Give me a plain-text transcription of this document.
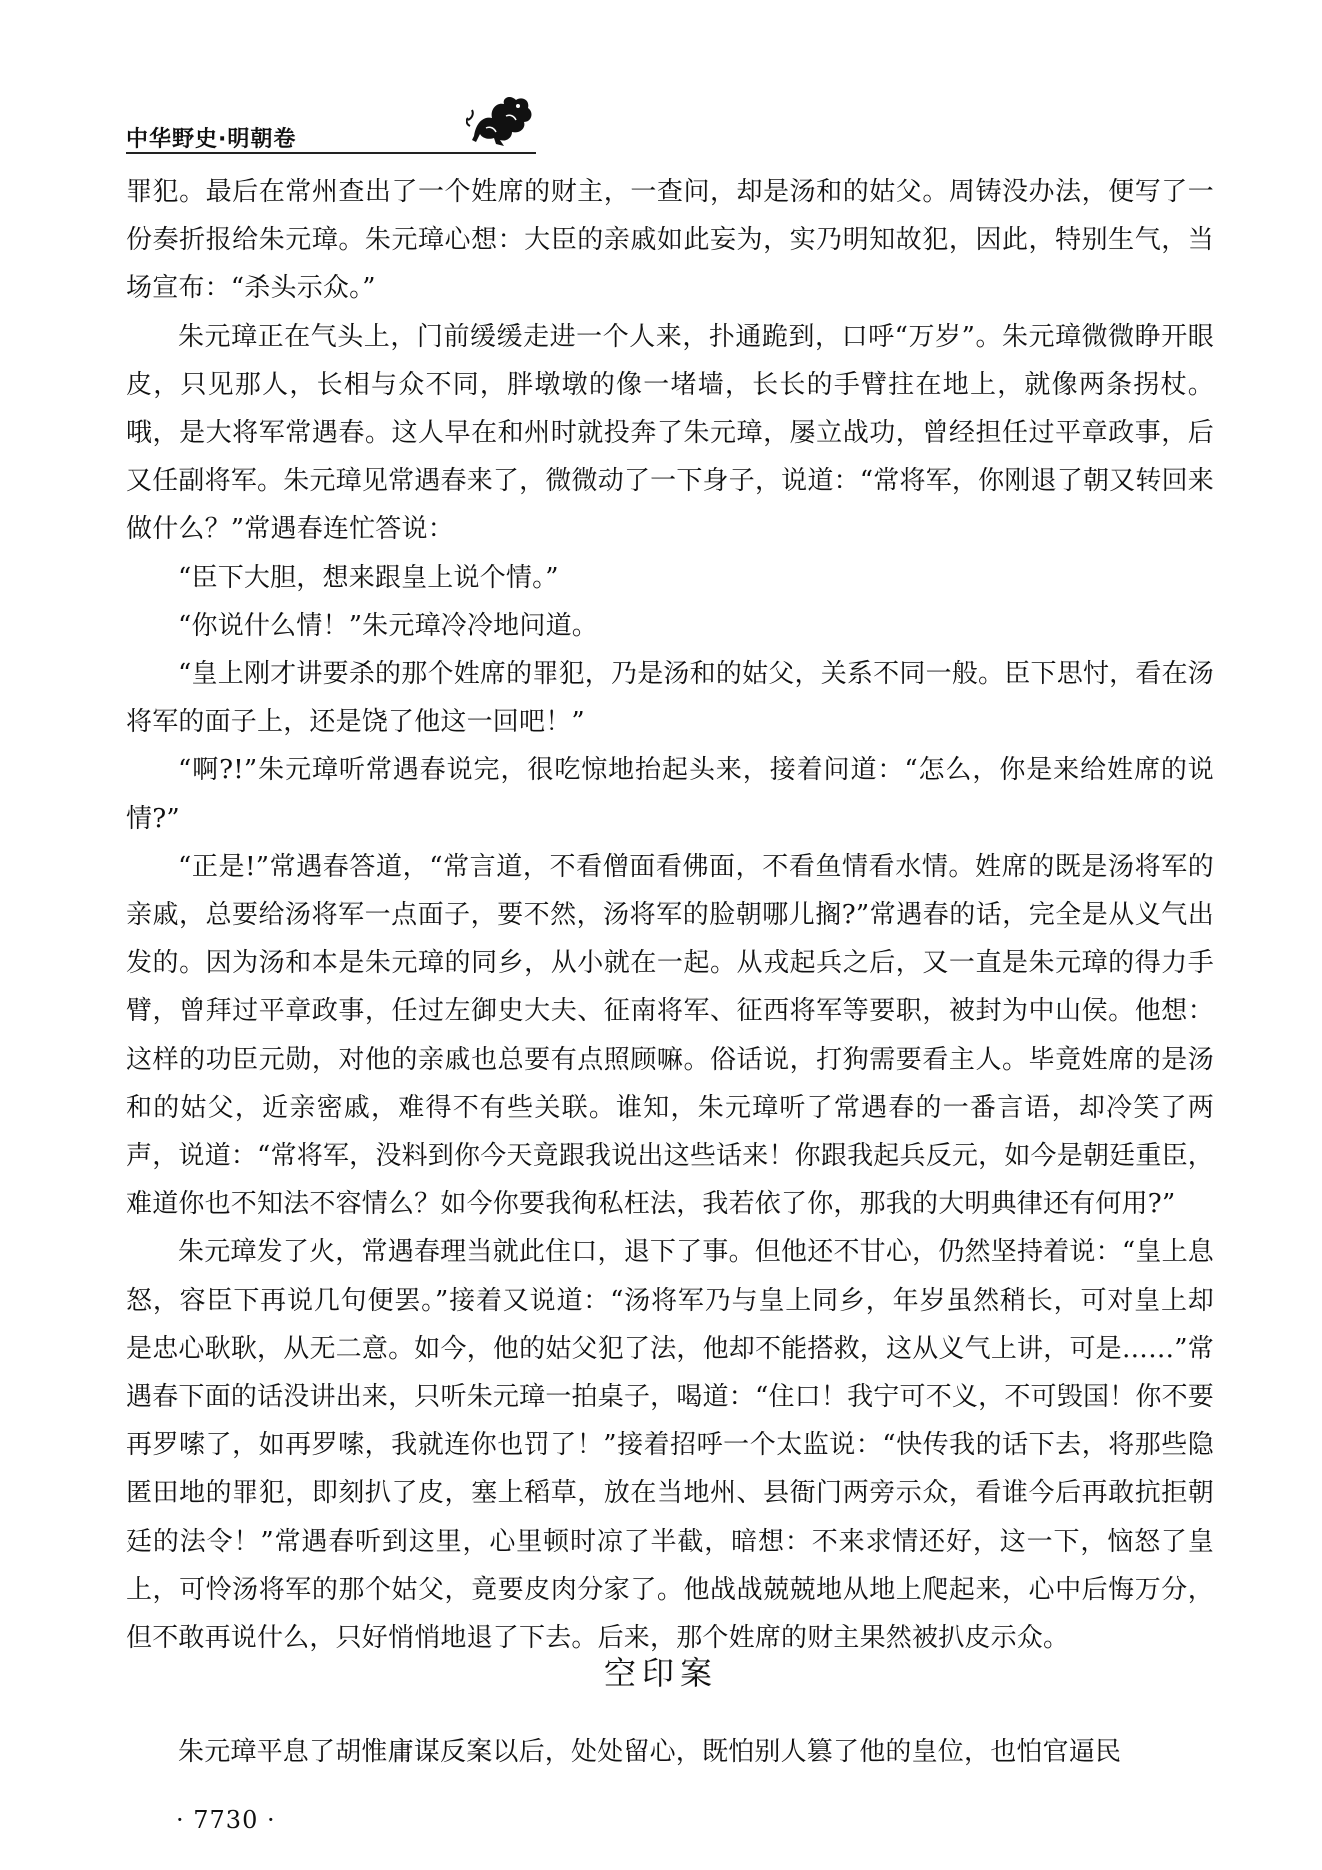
中华野史·明朝卷

罪犯。最后在常州查出了一个姓席的财主，一查问，却是汤和的姑父。周铸没办法，便写了一份奏折报给朱元璋。朱元璋心想：大臣的亲戚如此妄为，实乃明知故犯，因此，特别生气，当场宣布：“杀头示众。”

朱元璋正在气头上，门前缓缓走进一个人来，扑通跪到，口呼“万岁”。朱元璋微微睁开眼皮，只见那人，长相与众不同，胖墩墩的像一堵墙，长长的手臂拄在地上，就像两条拐杖。哦，是大将军常遇春。这人早在和州时就投奔了朱元璋，屡立战功，曾经担任过平章政事，后又任副将军。朱元璋见常遇春来了，微微动了一下身子，说道：“常将军，你刚退了朝又转回来做什么？”常遇春连忙答说：

“臣下大胆，想来跟皇上说个情。”

“你说什么情！”朱元璋冷冷地问道。

“皇上刚才讲要杀的那个姓席的罪犯，乃是汤和的姑父，关系不同一般。臣下思忖，看在汤将军的面子上，还是饶了他这一回吧！”

“啊?!”朱元璋听常遇春说完，很吃惊地抬起头来，接着问道：“怎么，你是来给姓席的说情?”

“正是!”常遇春答道，“常言道，不看僧面看佛面，不看鱼情看水情。姓席的既是汤将军的亲戚，总要给汤将军一点面子，要不然，汤将军的脸朝哪儿搁?”常遇春的话，完全是从义气出发的。因为汤和本是朱元璋的同乡，从小就在一起。从戎起兵之后，又一直是朱元璋的得力手臂，曾拜过平章政事，任过左御史大夫、征南将军、征西将军等要职，被封为中山侯。他想：这样的功臣元勋，对他的亲戚也总要有点照顾嘛。俗话说，打狗需要看主人。毕竟姓席的是汤和的姑父，近亲密戚，难得不有些关联。谁知，朱元璋听了常遇春的一番言语，却冷笑了两声，说道：“常将军，没料到你今天竟跟我说出这些话来！你跟我起兵反元，如今是朝廷重臣，难道你也不知法不容情么？如今你要我徇私枉法，我若依了你，那我的大明典律还有何用?”

朱元璋发了火，常遇春理当就此住口，退下了事。但他还不甘心，仍然坚持着说：“皇上息怒，容臣下再说几句便罢。”接着又说道：“汤将军乃与皇上同乡，年岁虽然稍长，可对皇上却是忠心耿耿，从无二意。如今，他的姑父犯了法，他却不能搭救，这从义气上讲，可是……”常遇春下面的话没讲出来，只听朱元璋一拍桌子，喝道：“住口！我宁可不义，不可毁国！你不要再罗嗦了，如再罗嗦，我就连你也罚了！”接着招呼一个太监说：“快传我的话下去，将那些隐匿田地的罪犯，即刻扒了皮，塞上稻草，放在当地州、县衙门两旁示众，看谁今后再敢抗拒朝廷的法令！”常遇春听到这里，心里顿时凉了半截，暗想：不来求情还好，这一下，恼怒了皇上，可怜汤将军的那个姑父，竟要皮肉分家了。他战战兢兢地从地上爬起来，心中后悔万分，但不敢再说什么，只好悄悄地退了下去。后来，那个姓席的财主果然被扒皮示众。

空印案

朱元璋平息了胡惟庸谋反案以后，处处留心，既怕别人篡了他的皇位，也怕官逼民

· 7730 ·
